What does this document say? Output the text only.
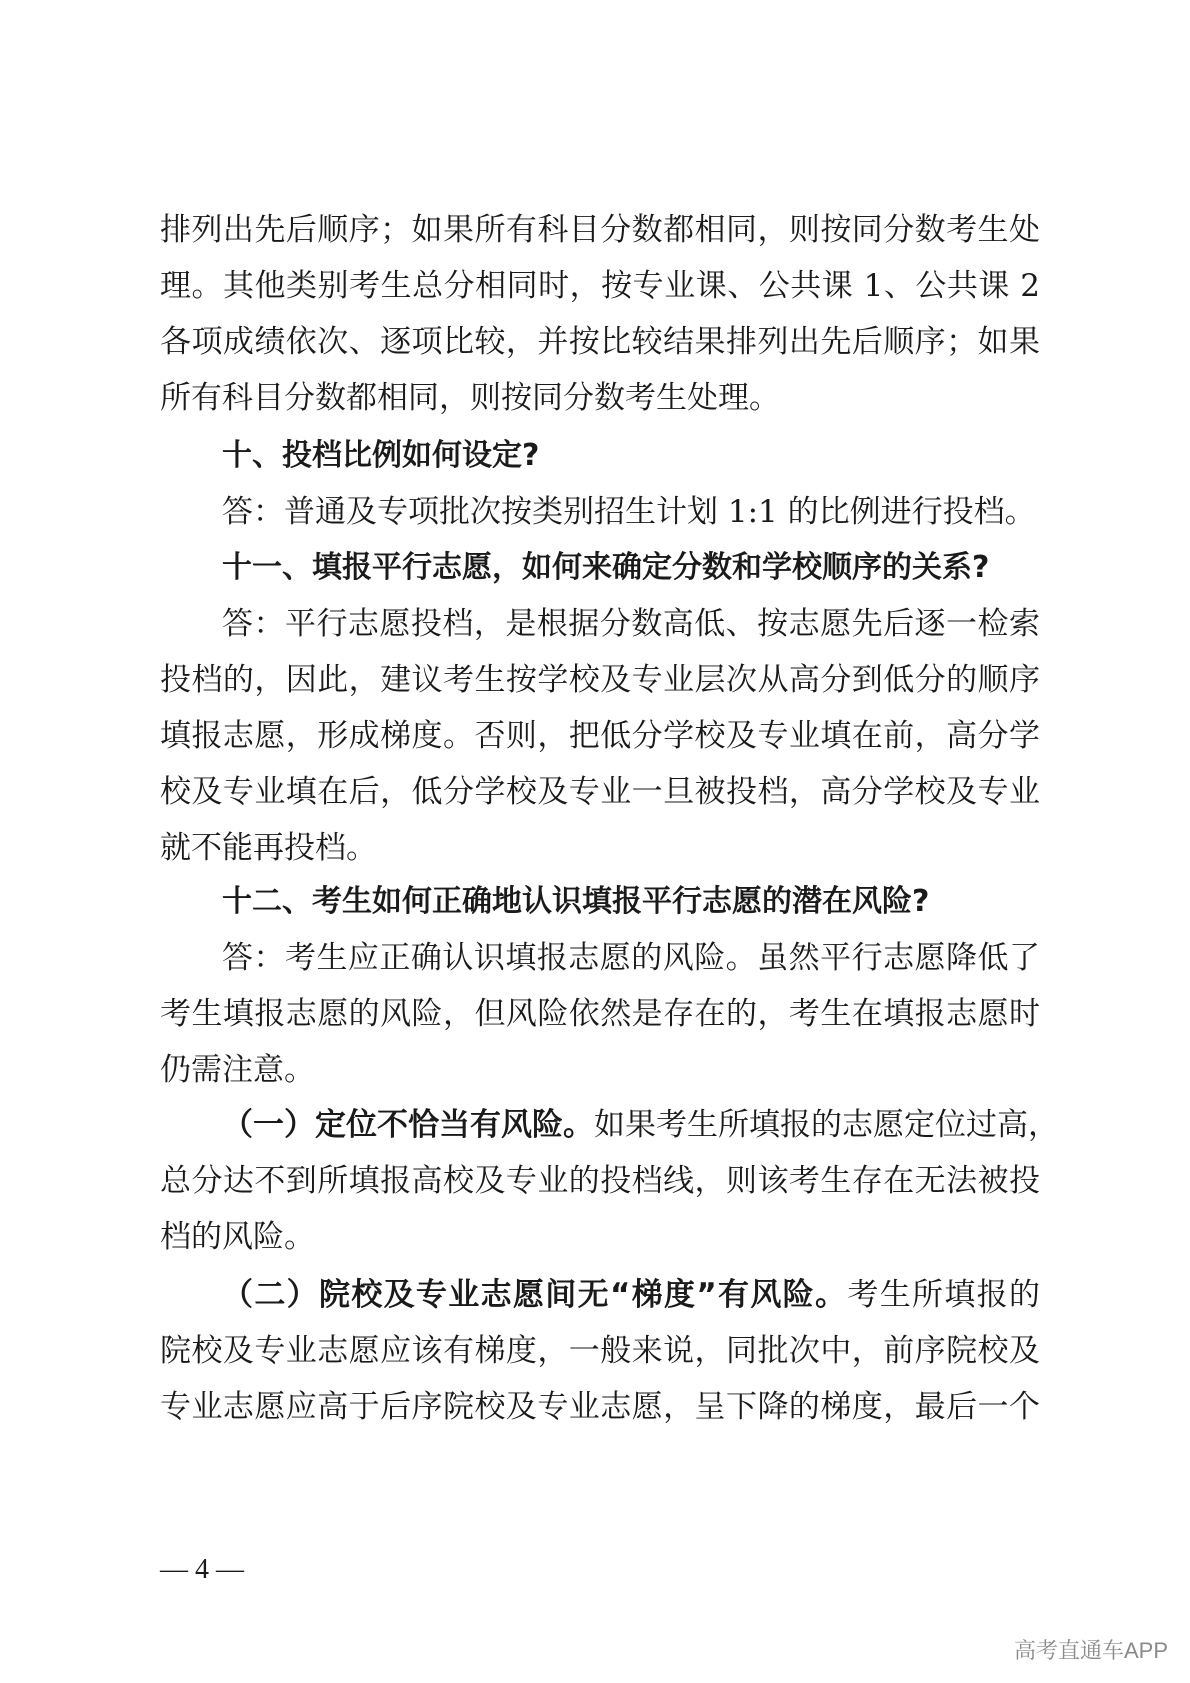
排列出先后顺序；如果所有科目分数都相同，则按同分数考生处
理。其他类别考生总分相同时，按专业课、公共课 1、公共课 2
各项成绩依次、逐项比较，并按比较结果排列出先后顺序；如果
所有科目分数都相同，则按同分数考生处理。
十、投档比例如何设定?
答：普通及专项批次按类别招生计划 1:1 的比例进行投档。
十一、填报平行志愿，如何来确定分数和学校顺序的关系?
答：平行志愿投档，是根据分数高低、按志愿先后逐一检索
投档的，因此，建议考生按学校及专业层次从高分到低分的顺序
填报志愿，形成梯度。否则，把低分学校及专业填在前，高分学
校及专业填在后，低分学校及专业一旦被投档，高分学校及专业
就不能再投档。
十二、考生如何正确地认识填报平行志愿的潜在风险?
答：考生应正确认识填报志愿的风险。虽然平行志愿降低了
考生填报志愿的风险，但风险依然是存在的，考生在填报志愿时
仍需注意。
（一）定位不恰当有风险。如果考生所填报的志愿定位过高，
总分达不到所填报高校及专业的投档线，则该考生存在无法被投
档的风险。
（二）院校及专业志愿间无“梯度”有风险。考生所填报的
院校及专业志愿应该有梯度，一般来说，同批次中，前序院校及
专业志愿应高于后序院校及专业志愿，呈下降的梯度，最后一个
— 4 —
高考直通车APP
